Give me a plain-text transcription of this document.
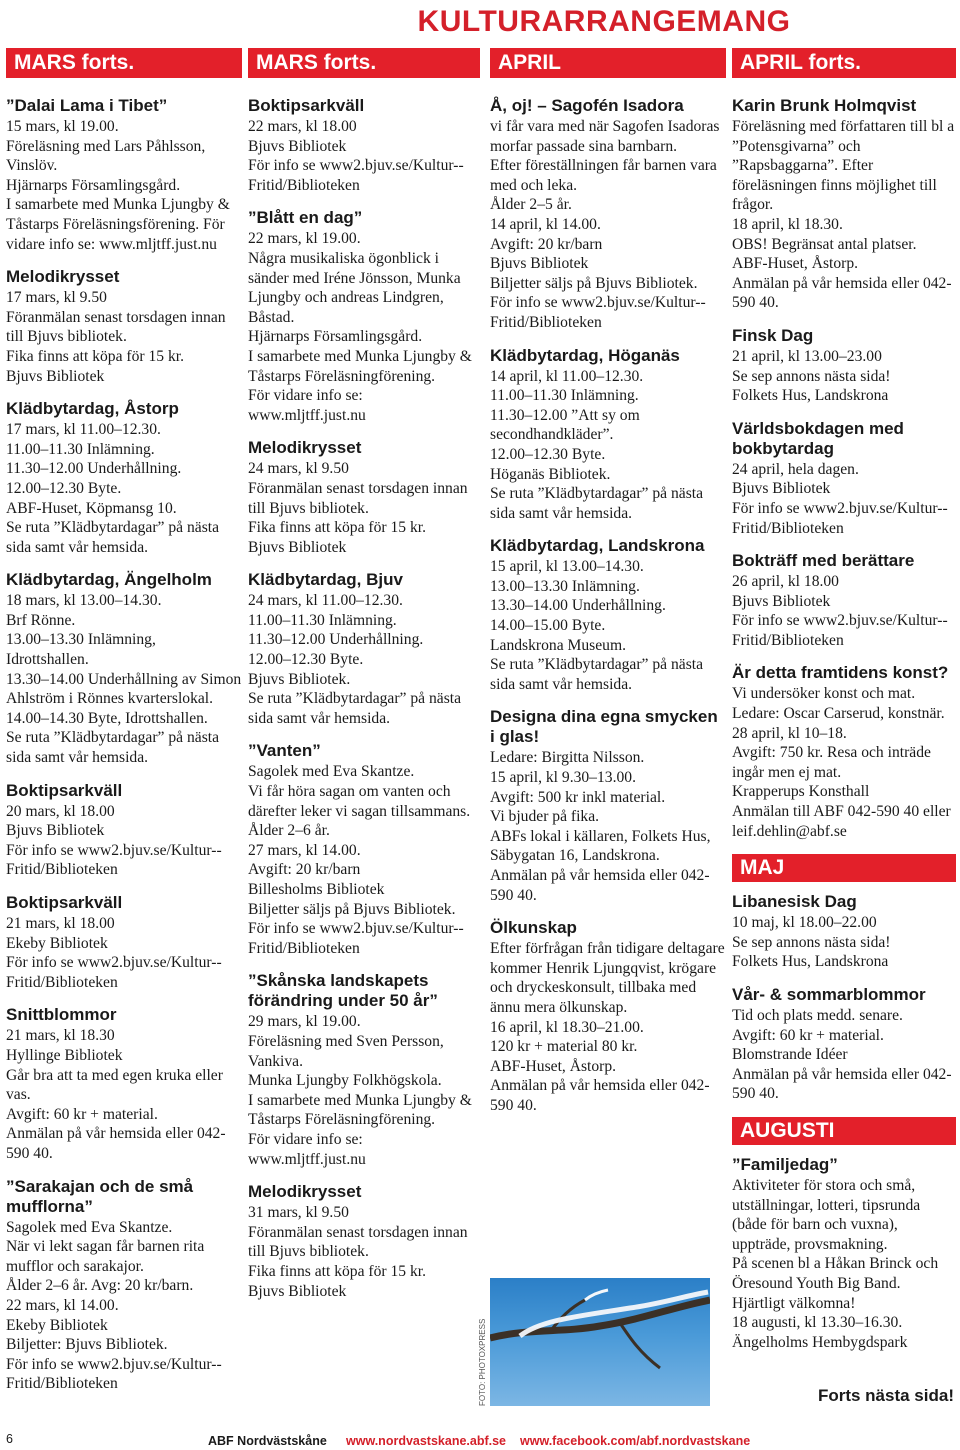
KULTURARRANGEMANG
MARS forts.	MARS forts.	APRIL	APRIL forts.
”Dalai Lama i Tibet”

15 mars, kl 19.00.

Föreläsning med Lars Påhlsson, Vinslöv.

Hjärnarps Församlingsgård.

I samarbete med Munka Ljungby & Tåstarps Föreläsningsförening. För vidare info se: www.mljtff.just.nu

Melodikrysset

17 mars, kl 9.50

Föranmälan senast torsdagen innan till Bjuvs bibliotek.

Fika finns att köpa för 15 kr.

Bjuvs Bibliotek

Klädbytardag, Åstorp

17 mars, kl 11.00–12.30.

11.00–11.30 Inlämning.

11.30–12.00 Underhållning.

12.00–12.30 Byte.

ABF-Huset, Köpmansg 10.

Se ruta ”Klädbytardagar” på nästa sida samt vår hemsida.

Klädbytardag, Ängelholm

18 mars, kl 13.00–14.30.

Brf Rönne.

13.00–13.30 Inlämning, Idrottshallen.

13.30–14.00 Underhållning av Simon Ahlström i Rönnes kvarterslokal.

14.00–14.30 Byte, Idrottshallen.

Se ruta ”Klädbytardagar” på nästa sida samt vår hemsida.

Boktipsarkväll

20 mars, kl 18.00

Bjuvs Bibliotek

För info se www2.bjuv.se/Kultur--Fritid/Biblioteken

Boktipsarkväll

21 mars, kl 18.00

Ekeby Bibliotek

För info se www2.bjuv.se/Kultur--Fritid/Biblioteken

Snittblommor

21 mars, kl 18.30

Hyllinge Bibliotek

Går bra att ta med egen kruka eller vas.

Avgift: 60 kr + material.

Anmälan på vår hemsida eller 042-590 40.

”Sarakajan och de små mufflorna”

Sagolek med Eva Skantze.

När vi lekt sagan får barnen rita mufflor och sarakajor.

Ålder 2–6 år. Avg: 20 kr/barn.

22 mars, kl 14.00.

Ekeby Bibliotek

Biljetter: Bjuvs Bibliotek.

För info se www2.bjuv.se/Kultur--Fritid/Biblioteken

Boktipsarkväll

22 mars, kl 18.00

Bjuvs Bibliotek

För info se www2.bjuv.se/Kultur--Fritid/Biblioteken

”Blått en dag”

22 mars, kl 19.00.

Några musikaliska ögonblick i sänder med Iréne Jönsson, Munka Ljungby och andreas Lindgren, Båstad.

Hjärnarps Församlingsgård.

I samarbete med Munka Ljungby & Tåstarps Föreläsningförening.

För vidare info se: www.mljtff.just.nu

Melodikrysset

24 mars, kl 9.50

Föranmälan senast torsdagen innan till Bjuvs bibliotek.

Fika finns att köpa för 15 kr.

Bjuvs Bibliotek

Klädbytardag, Bjuv

24 mars, kl 11.00–12.30.

11.00–11.30 Inlämning.

11.30–12.00 Underhållning.

12.00–12.30 Byte.

Bjuvs Bibliotek.

Se ruta ”Klädbytardagar” på nästa sida samt vår hemsida.

”Vanten”

Sagolek med Eva Skantze.

Vi får höra sagan om vanten och därefter leker vi sagan tillsammans.

Ålder 2–6 år.

27 mars, kl 14.00.

Avgift: 20 kr/barn

Billesholms Bibliotek

Biljetter säljs på Bjuvs Bibliotek.

För info se www2.bjuv.se/Kultur--Fritid/Biblioteken

”Skånska landskapets förändring under 50 år”

29 mars, kl 19.00.

Föreläsning med Sven Persson, Vankiva.

Munka Ljungby Folkhögskola.

I samarbete med Munka Ljungby & Tåstarps Föreläsningförening.

För vidare info se: www.mljtff.just.nu

Melodikrysset

31 mars, kl 9.50

Föranmälan senast torsdagen innan till Bjuvs bibliotek.

Fika finns att köpa för 15 kr.

Bjuvs Bibliotek

Å, oj! – Sagofén Isadora

vi får vara med när Sagofen Isadoras morfar passade sina barnbarn.

Efter föreställningen får barnen vara med och leka.

Ålder 2–5 år.

14 april, kl 14.00.

Avgift: 20 kr/barn

Bjuvs Bibliotek

Biljetter säljs på Bjuvs Bibliotek.

För info se www2.bjuv.se/Kultur--Fritid/Biblioteken

Klädbytardag, Höganäs

14 april, kl 11.00–12.30.

11.00–11.30 Inlämning.

11.30–12.00 ”Att sy om secondhandkläder”.

12.00–12.30 Byte.

Höganäs Bibliotek.

Se ruta ”Klädbytardagar” på nästa sida samt vår hemsida.

Klädbytardag, Landskrona

15 april, kl 13.00–14.30.

13.00–13.30 Inlämning.

13.30–14.00 Underhållning.

14.00–15.00 Byte.

Landskrona Museum.

Se ruta ”Klädbytardagar” på nästa sida samt vår hemsida.

Designa dina egna smycken i glas!

Ledare: Birgitta Nilsson.

15 april, kl 9.30–13.00.

Avgift: 500 kr inkl material.

Vi bjuder på fika.

ABFs lokal i källaren, Folkets Hus, Säbygatan 16, Landskrona.

Anmälan på vår hemsida eller 042-590 40.

Ölkunskap

Efter förfrågan från tidigare deltagare kommer Henrik Ljungqvist, krögare och dryckeskonsult, tillbaka med ännu mera ölkunskap.

16 april, kl 18.30–21.00.

120 kr + material 80 kr.

ABF-Huset, Åstorp.

Anmälan på vår hemsida eller 042-590 40.

Karin Brunk Holmqvist

Föreläsning med författaren till bl a ”Potensgivarna” och ”Rapsbaggarna”. Efter föreläsningen finns möjlighet till frågor.

18 april, kl 18.30.

OBS! Begränsat antal platser.

ABF-Huset, Åstorp.

Anmälan på vår hemsida eller 042-590 40.

Finsk Dag

21 april, kl 13.00–23.00

Se sep annons nästa sida!

Folkets Hus, Landskrona

Världsbokdagen med bokbytardag

24 april, hela dagen.

Bjuvs Bibliotek

För info se www2.bjuv.se/Kultur--Fritid/Biblioteken

Bokträff med berättare

26 april, kl 18.00

Bjuvs Bibliotek

För info se www2.bjuv.se/Kultur--Fritid/Biblioteken

Är detta framtidens konst?

Vi undersöker konst och mat.

Ledare: Oscar Carserud, konstnär.

28 april, kl 10–18.

Avgift: 750 kr. Resa och inträde ingår men ej mat.

Krapperups Konsthall

Anmälan till ABF 042-590 40 eller leif.dehlin@abf.se

MAJ
Libanesisk Dag

10 maj, kl 18.00–22.00

Se sep annons nästa sida!

Folkets Hus, Landskrona

Vår- & sommarblommor

Tid och plats medd. senare.

Avgift: 60 kr + material.

Blomstrande Idéer

Anmälan på vår hemsida eller 042-590 40.

AUGUSTI
”Familjedag”

Aktiviteter för stora och små, utställningar, lotteri, tipsrunda (både för barn och vuxna), uppträde, provsmakning.

På scenen bl a Håkan Brinck och Öresound Youth Big Band.

Hjärtligt välkomna!

18 augusti, kl 13.30–16.30.

Ängelholms Hembygdspark

FOTO: PHOTOXPRESS	Forts nästa sida!
6	ABF Nordvästskåne www.nordvastskane.abf.se www.facebook.com/abf.nordvastskane
